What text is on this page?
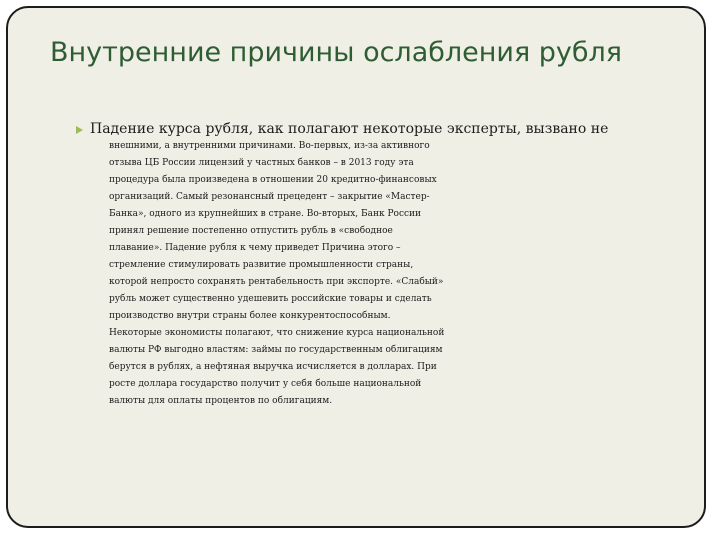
Внутренние причины ослабления рубля

Падение курса рубля, как полагают некоторые эксперты, вызвано не
внешними, а внутренними причинами. Во-первых, из-за активного
отзыва ЦБ России лицензий у частных банков – в 2013 году эта
процедура была произведена в отношении 20 кредитно-финансовых
организаций. Самый резонансный прецедент – закрытие «Мастер-
Банка», одного из крупнейших в стране. Во-вторых, Банк России
принял решение постепенно отпустить рубль в «свободное
плавание». Падение рубля к чему приведет Причина этого –
стремление стимулировать развитие промышленности страны,
которой непросто сохранять рентабельность при экспорте. «Слабый»
рубль может существенно удешевить российские товары и сделать
производство внутри страны более конкурентоспособным.
Некоторые экономисты полагают, что снижение курса национальной
валюты РФ выгодно властям: займы по государственным облигациям
берутся в рублях, а нефтяная выручка исчисляется в долларах. При
росте доллара государство получит у себя больше национальной
валюты для оплаты процентов по облигациям.
